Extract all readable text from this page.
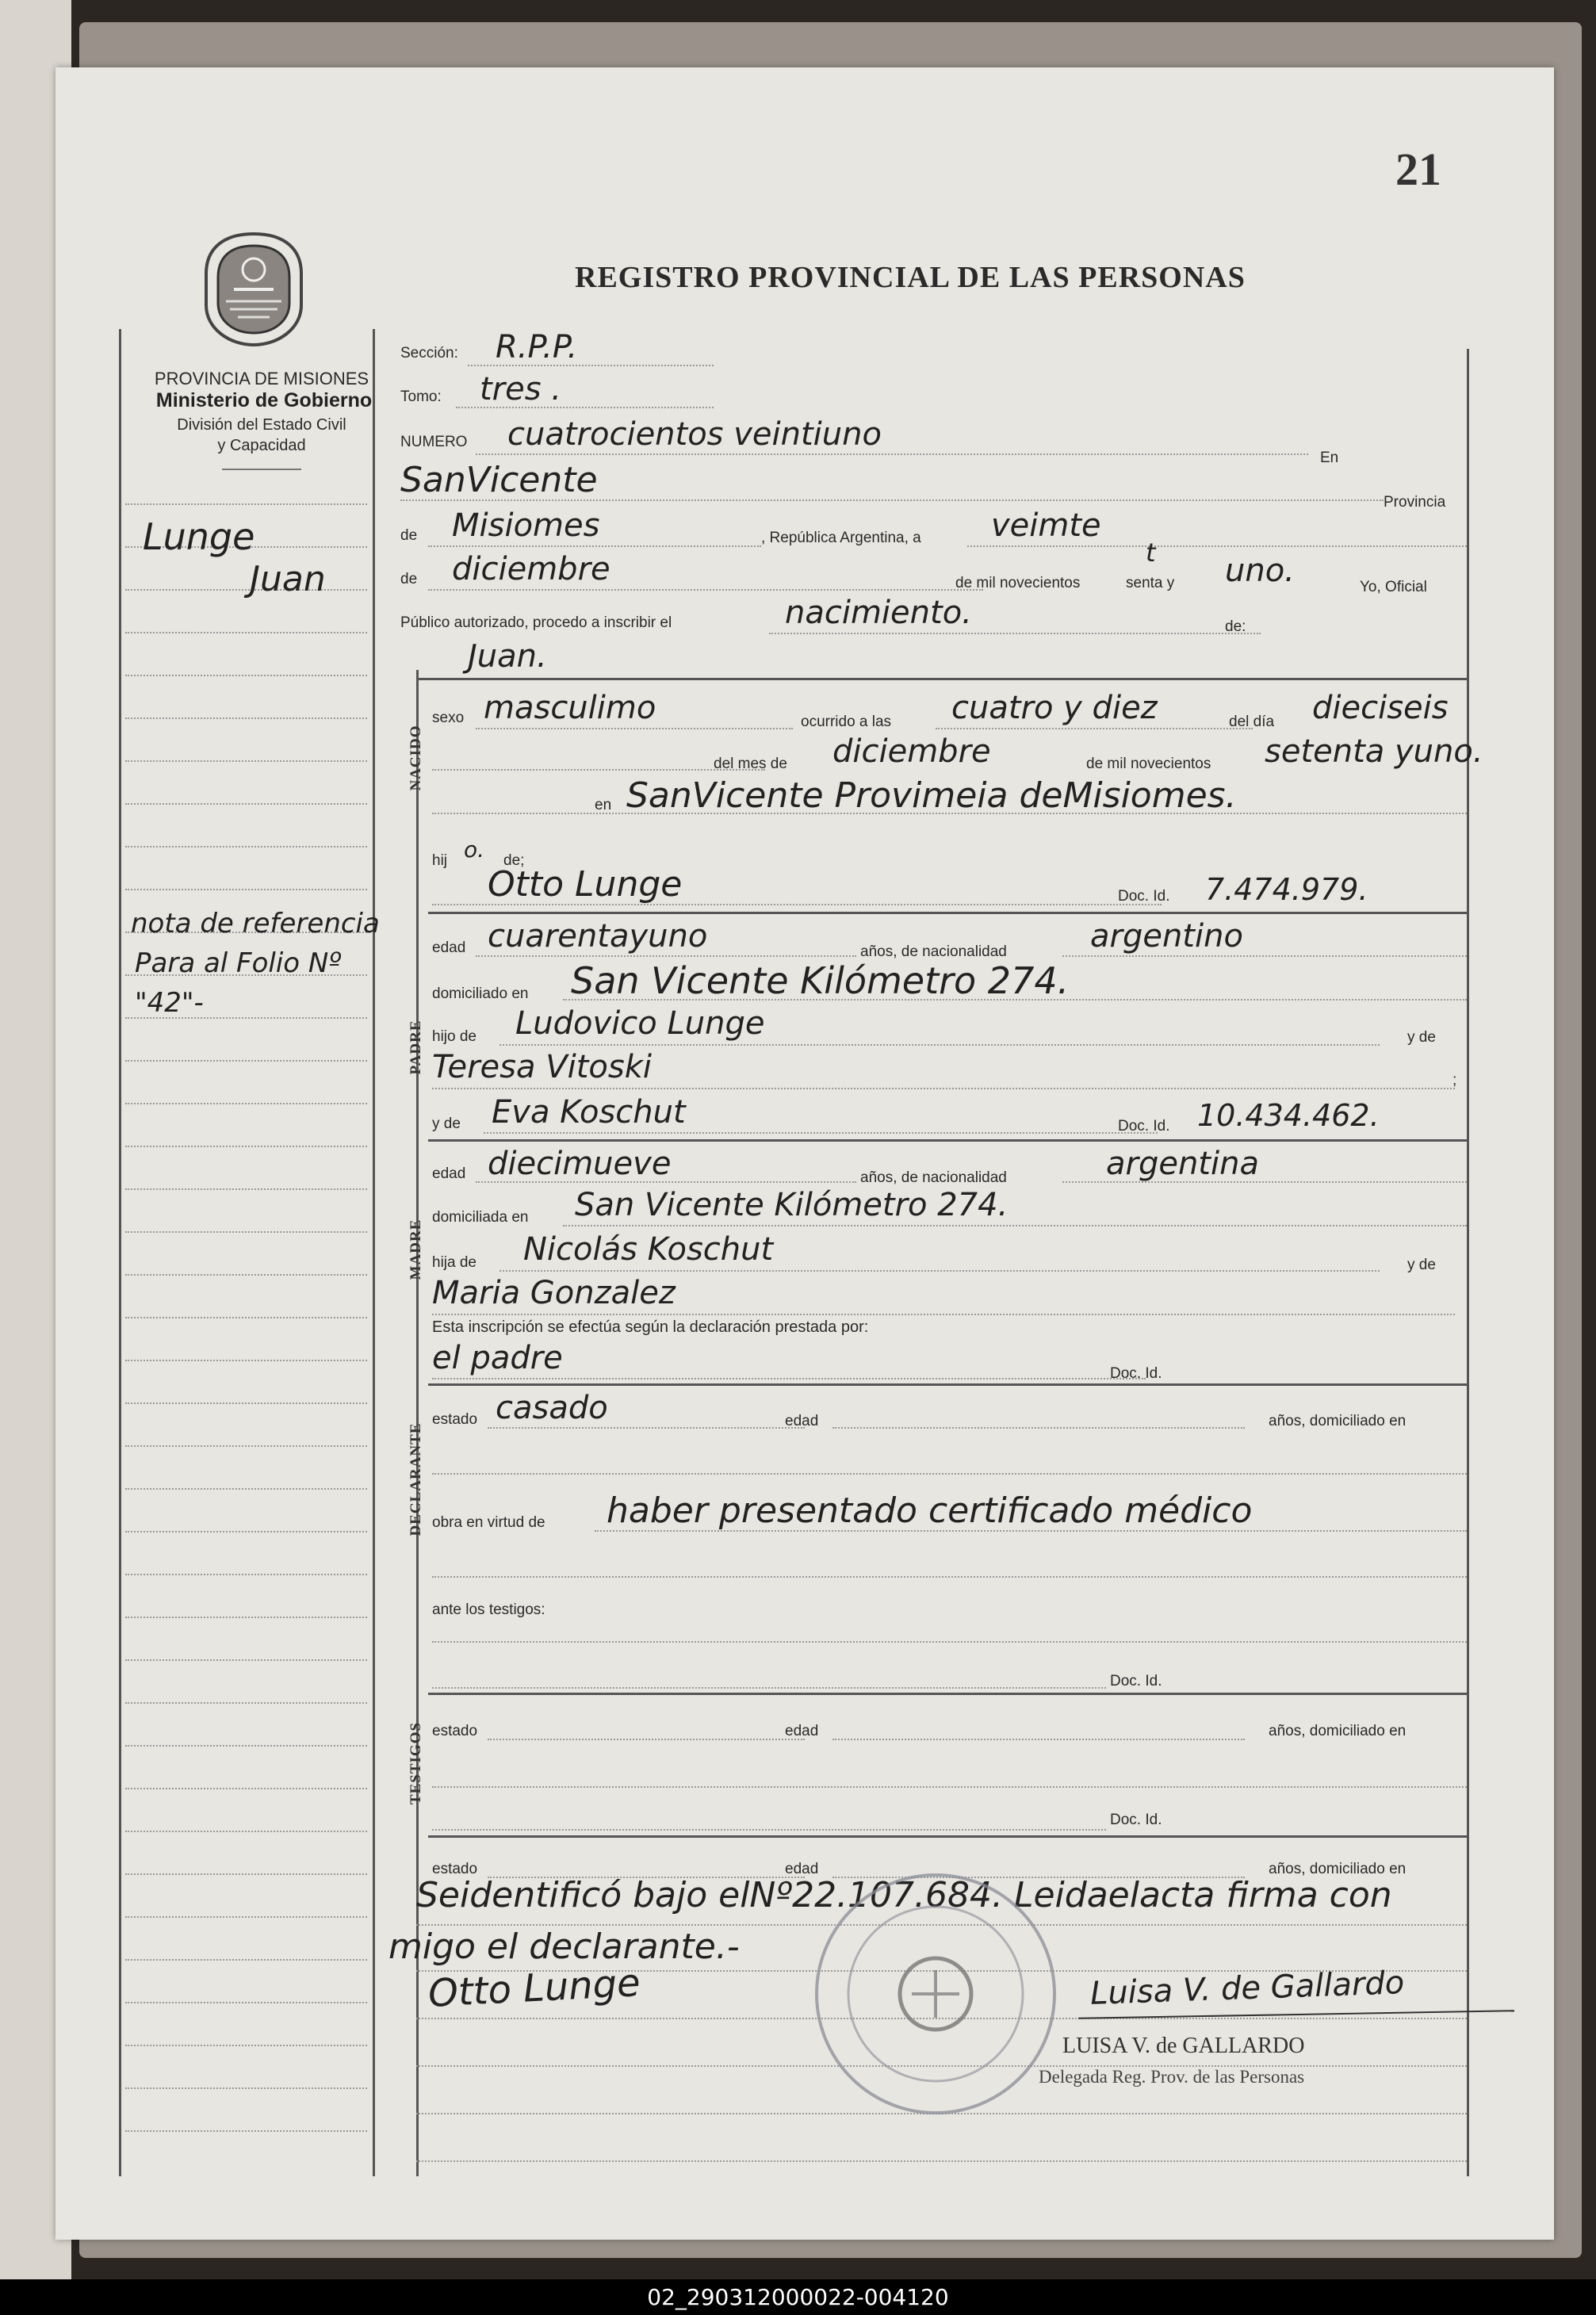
21
REGISTRO PROVINCIAL DE LAS PERSONAS
PROVINCIA DE MISIONES
Ministerio de Gobierno
División del Estado Civil
y Capacidad
Lunge
Juan
nota de referencia
Para al Folio Nº
"42"-
Sección: R.P.P.
Tomo: tres .
NUMERO cuatrocientos veintiuno
En
SanVicente
Provincia
de Misiomes	, República Argentina, a veimte
de diciembre	de mil novecientos	senta y
t uno.	Yo, Oficial
Público autorizado, procedo a inscribir el	nacimiento.	de:
Juan.
NACIDO
sexo masculimo	ocurrido a las cuatro y diez	del día dieciseis
del mes de diciembre	de mil novecientos setenta yuno.
en SanVicente Provimeia deMisiomes.
hij o. de;
PADRE
Otto Lunge	Doc. Id. 7.474.979.
edad cuarentayuno	años, de nacionalidad	argentino
domiciliado en San Vicente Kilómetro 274.
hijo de Ludovico Lunge	y de
Teresa Vitoski	;
MADRE
y de Eva Koschut	Doc. Id. 10.434.462.
edad diecimueve	años, de nacionalidad	argentina
domiciliada en San Vicente Kilómetro 274.
hija de Nicolás Koschut	y de
Maria Gonzalez
Esta inscripción se efectúa según la declaración prestada por:
DECLARANTE
el padre	Doc. Id.
estado casado	edad	años, domiciliado en
obra en virtud de haber presentado certificado médico
ante los testigos:
TESTIGOS
Doc. Id.
estado	edad	años, domiciliado en
Doc. Id.
estado	edad	años, domiciliado en
Seidentificó bajo elNº22.107.684. Leidaelacta firma con
migo el declarante.-
Otto Lunge	Luisa V. de Gallardo
LUISA V. de GALLARDO
Delegada Reg. Prov. de las Personas
02_290312000022-004120
